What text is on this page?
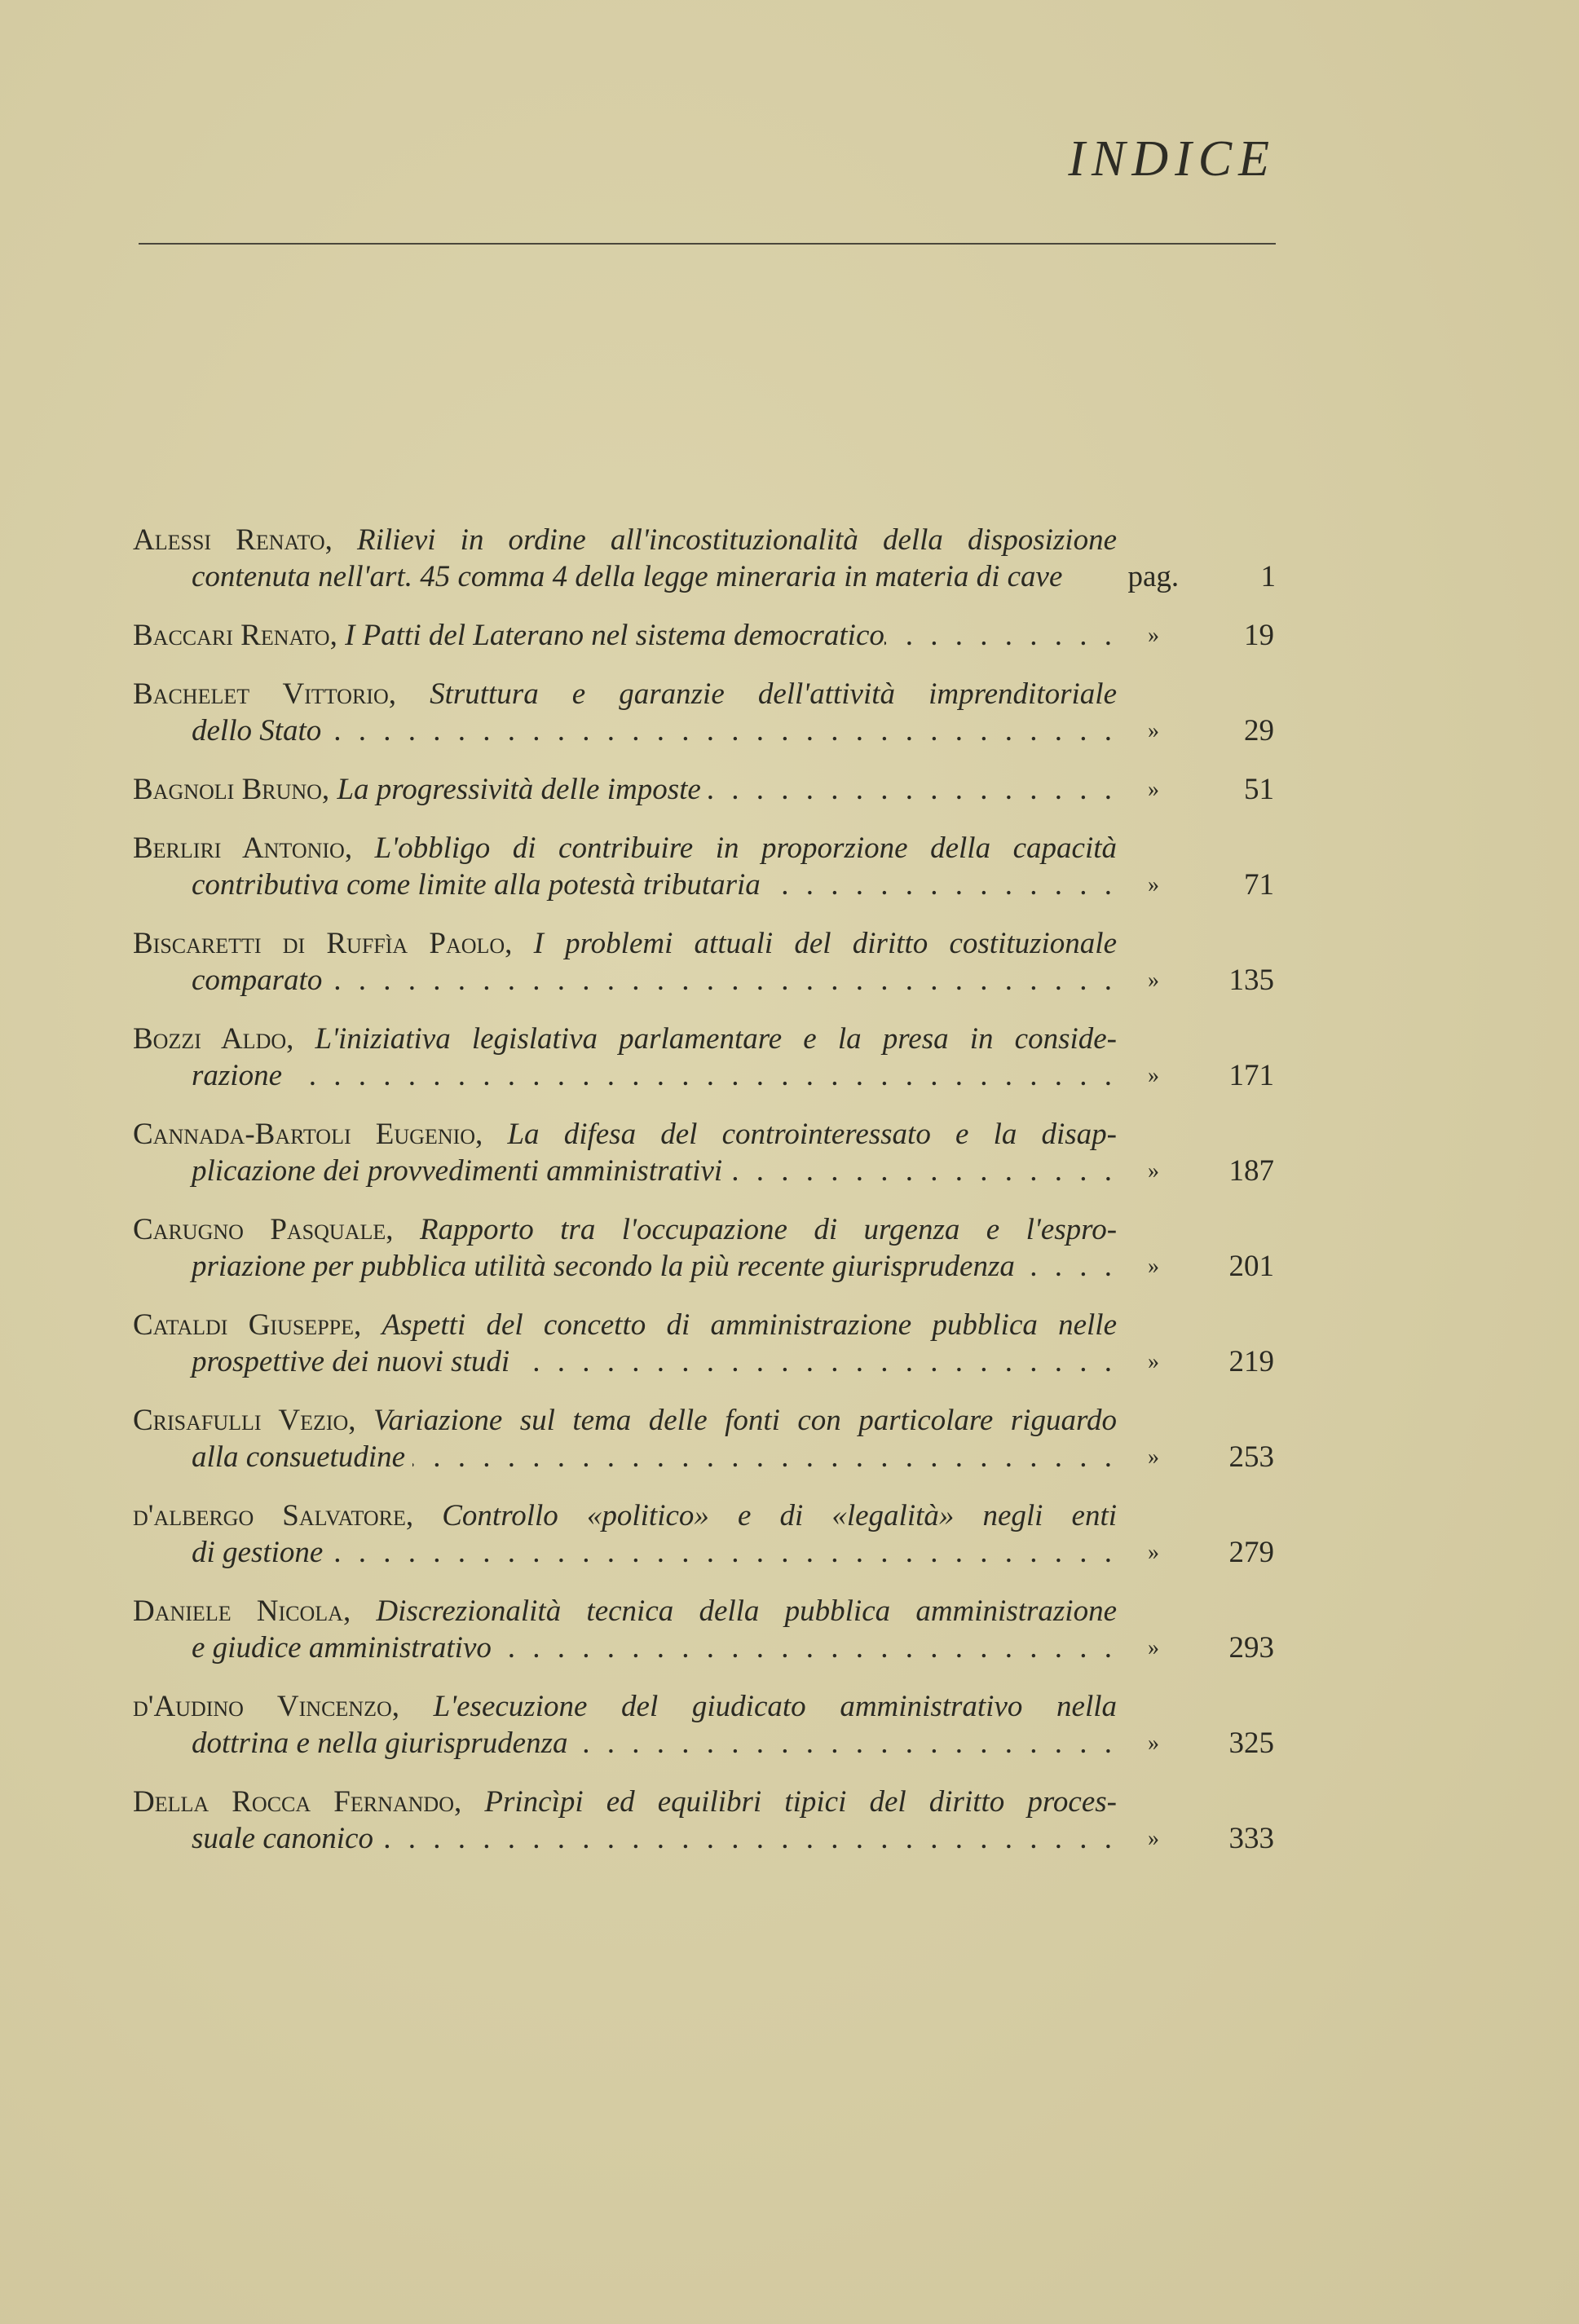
INDICE
Alessi Renato, Rilievi in ordine all'incostituzionalità della disposizione
contenuta nell'art. 45 comma 4 della legge mineraria in materia di cave
	pag.	1
Baccari Renato,
I Patti del Laterano nel sistema democratico . . .	»	19
Bachelet Vittorio, Struttura e garanzie dell'attività imprenditoriale
dello Stato
. . .	»	29
Bagnoli Bruno,
La progressività delle imposte . . .	»	51
Berliri Antonio, L'obbligo di contribuire in proporzione della capacità
contributiva come limite alla potestà tributaria
. . .	»	71
Biscaretti di Ruffìa Paolo, I problemi attuali del diritto costituzionale
comparato
. . .	»	135
Bozzi Aldo, L'iniziativa legislativa parlamentare e la presa in conside-
razione
. . .	»	171
Cannada-Bartoli Eugenio, La difesa del controinteressato e la disap-
plicazione dei provvedimenti amministrativi
. . .	»	187
Carugno Pasquale, Rapporto tra l'occupazione di urgenza e l'espro-
priazione per pubblica utilità secondo la più recente giurisprudenza
. . .	»	201
Cataldi Giuseppe, Aspetti del concetto di amministrazione pubblica nelle
prospettive dei nuovi studi
. . .	»	219
Crisafulli Vezio, Variazione sul tema delle fonti con particolare riguardo
alla consuetudine
. . .	»	253
d'albergo Salvatore, Controllo «politico» e di «legalità» negli enti
di gestione
. . .	»	279
Daniele Nicola, Discrezionalità tecnica della pubblica amministrazione
e giudice amministrativo
. . .	»	293
d'Audino Vincenzo, L'esecuzione del giudicato amministrativo nella
dottrina e nella giurisprudenza
. . .	»	325
Della Rocca Fernando, Princìpi ed equilibri tipici del diritto proces-
suale canonico
. . .	»	333
